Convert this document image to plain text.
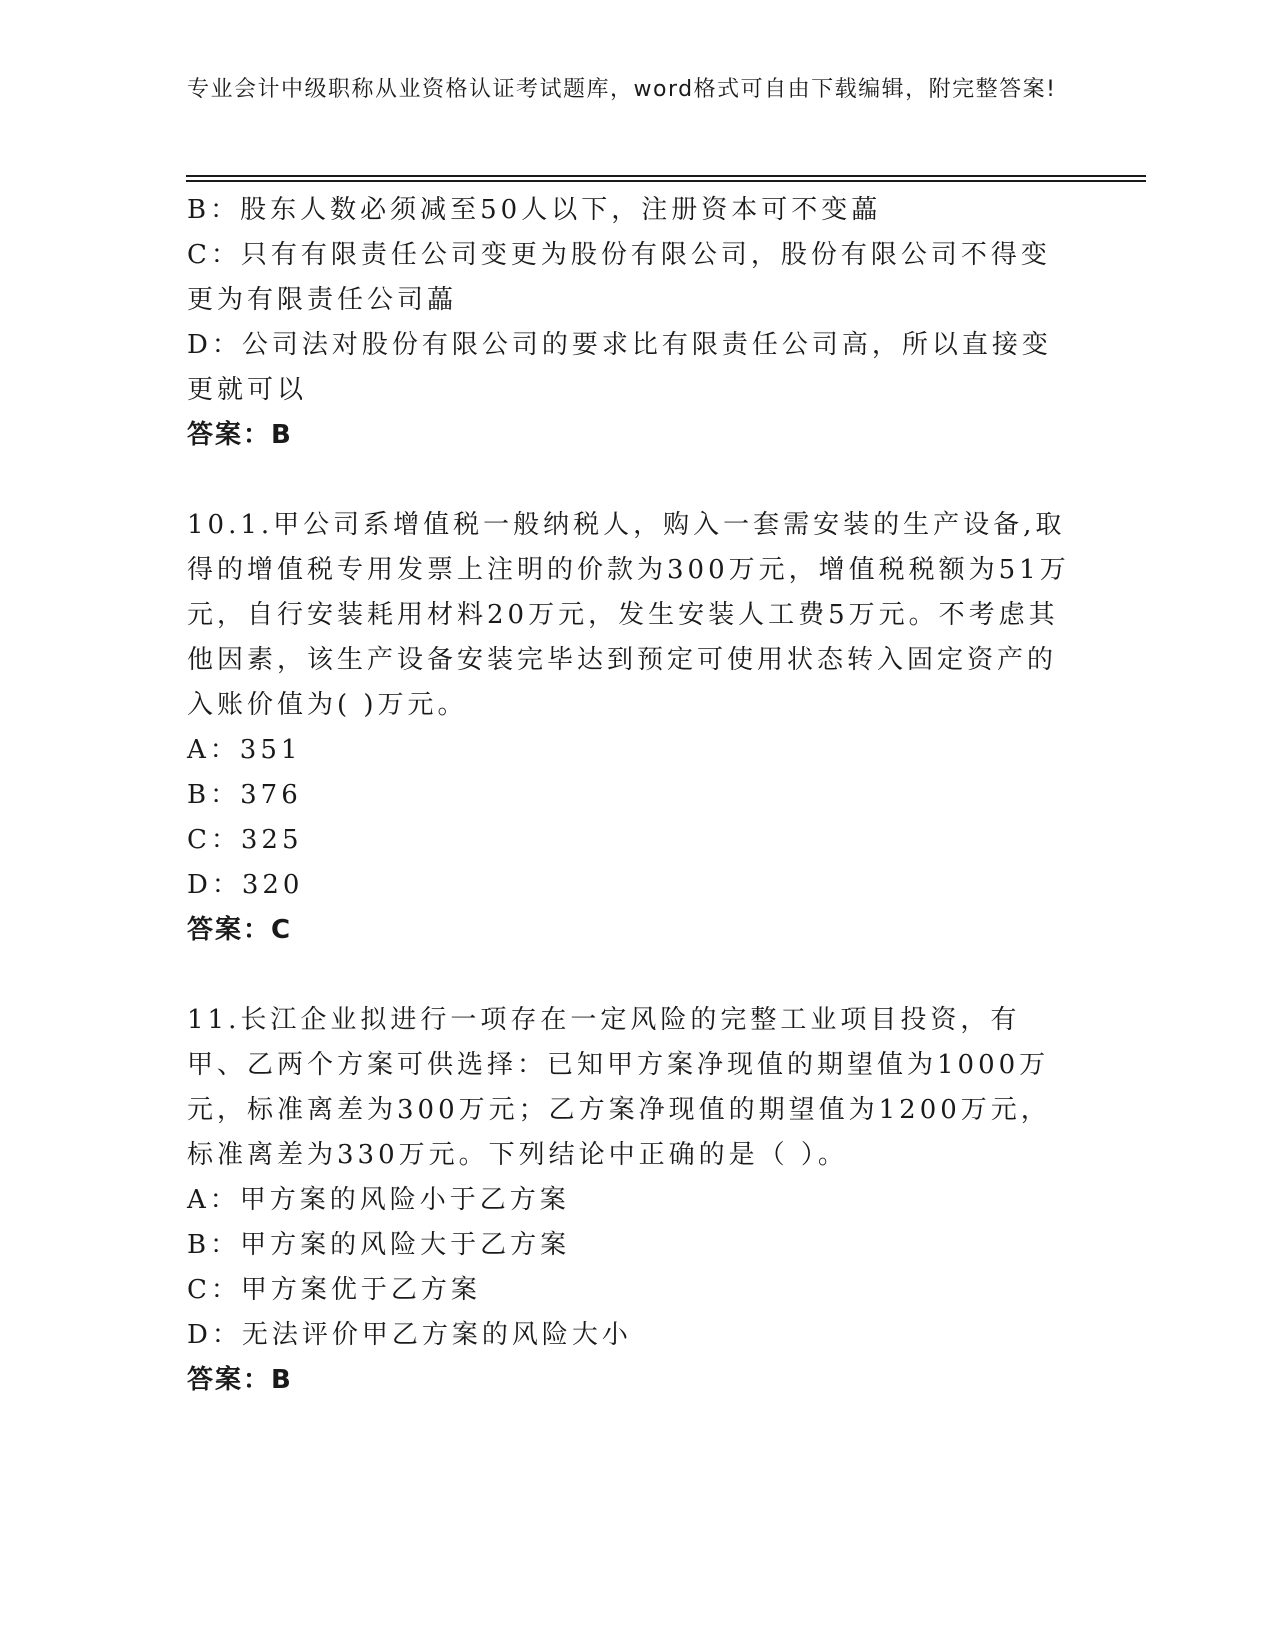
专业会计中级职称从业资格认证考试题库，word格式可自由下载编辑，附完整答案!
B：股东人数必须减至50人以下，注册资本可不变藟
C：只有有限责任公司变更为股份有限公司，股份有限公司不得变更为有限责任公司藟
D：公司法对股份有限公司的要求比有限责任公司高，所以直接变更就可以
答案：B
10.1.甲公司系增值税一般纳税人，购入一套需安装的生产设备,取得的增值税专用发票上注明的价款为300万元，增值税税额为51万元，自行安装耗用材料20万元，发生安装人工费5万元。不考虑其他因素，该生产设备安装完毕达到预定可使用状态转入固定资产的入账价值为( )万元。
A：351
B：376
C：325
D：320
答案：C
11.长江企业拟进行一项存在一定风险的完整工业项目投资，有甲、乙两个方案可供选择：已知甲方案净现值的期望值为1000万元，标准离差为300万元；乙方案净现值的期望值为1200万元，标准离差为330万元。下列结论中正确的是（ ）。
A：甲方案的风险小于乙方案
B：甲方案的风险大于乙方案
C：甲方案优于乙方案
D：无法评价甲乙方案的风险大小
答案：B
